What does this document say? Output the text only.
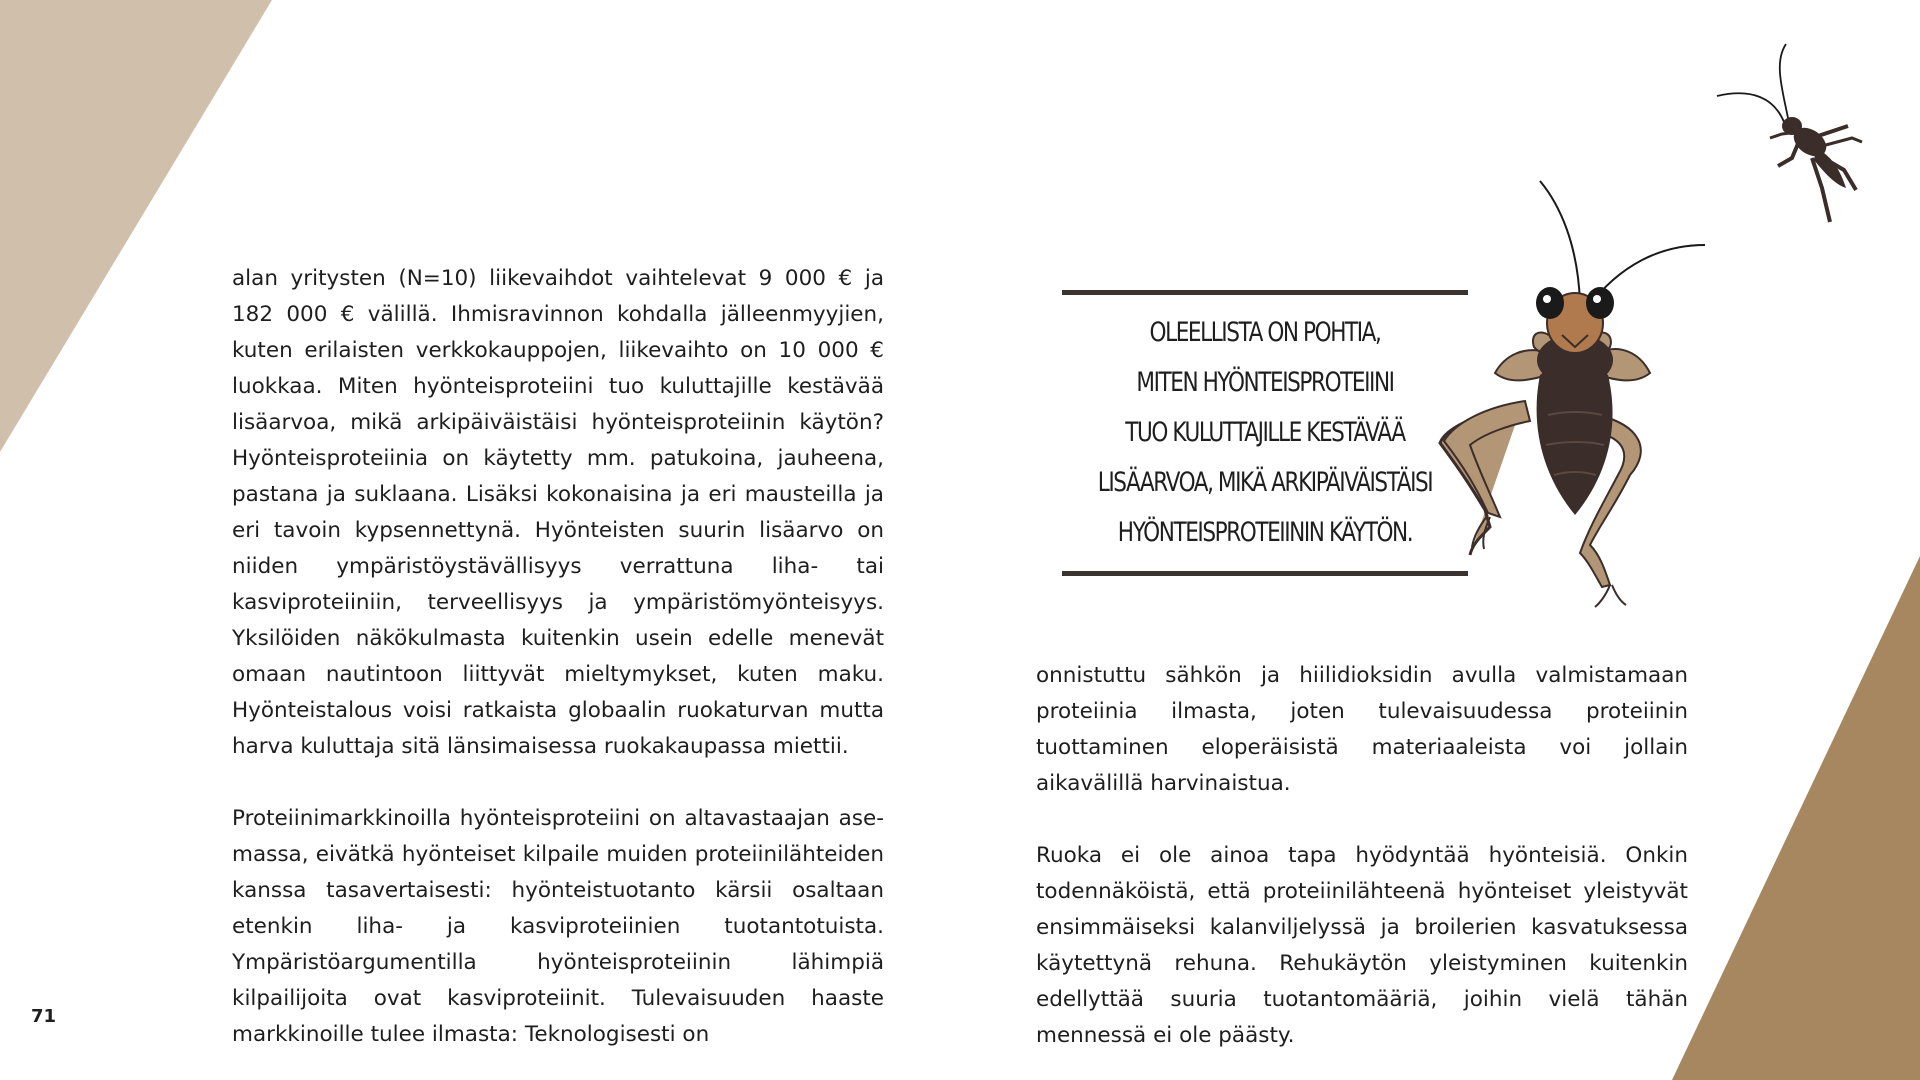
alan yritysten (N=10) liikevaihdot vaihtelevat 9 000 € ja 182 000 € välillä. Ihmisravinnon kohdalla jälleenmyyjien, kuten erilaisten verkkokauppojen, liikevaihto on 10 000 € luokkaa. Miten hyönteisproteiini tuo kuluttajille kestävää lisäarvoa, mikä arkipäiväistäisi hyönteisproteiinin käytön? Hyönteisproteiinia on käytetty mm. patukoina, jauheena, pastana ja suklaana. Lisäksi kokonaisina ja eri mausteilla ja eri tavoin kypsennettynä. Hyönteisten suurin lisäarvo on niiden ympäristöystävällisyys verrattuna liha- tai kasviproteiiniin, terveellisyys ja ympäristömyönteisyys. Yksilöiden näkökulmasta kuitenkin usein edelle menevät omaan nautintoon liittyvät mieltymykset, kuten maku. Hyönteistalous voisi ratkaista globaalin ruokaturvan mutta harva kuluttaja sitä länsimaisessa ruokakaupassa miettii.

Proteiinimarkkinoilla hyönteisproteiini on altavastaajan asemassa, eivätkä hyönteiset kilpaile muiden proteiinilähteiden kanssa tasavertaisesti: hyönteistuotanto kärsii osaltaan etenkin liha- ja kasviproteiinien tuotantotuista. Ympäristöargumentilla hyönteisproteiinin lähimpiä kilpailijoita ovat kasviproteiinit. Tulevaisuuden haaste markkinoille tulee ilmasta: Teknologisesti on

OLEELLISTA ON POHTIA,
MITEN HYÖNTEISPROTEIINI
TUO KULUTTAJILLE KESTÄVÄÄ
LISÄARVOA, MIKÄ ARKIPÄIVÄISTÄISI
HYÖNTEISPROTEIININ KÄYTÖN.

onnistuttu sähkön ja hiilidioksidin avulla valmistamaan proteiinia ilmasta, joten tulevaisuudessa proteiinin tuottaminen eloperäisistä materiaaleista voi jollain aikavälillä harvinaistua.

Ruoka ei ole ainoa tapa hyödyntää hyönteisiä. Onkin todennäköistä, että proteiinilähteenä hyönteiset yleistyvät ensimmäiseksi kalanviljelyssä ja broilerien kasvatuksessa käytettynä rehuna. Rehukäytön yleistyminen kuitenkin edellyttää suuria tuotantomääriä, joihin vielä tähän mennessä ei ole päästy.

71
